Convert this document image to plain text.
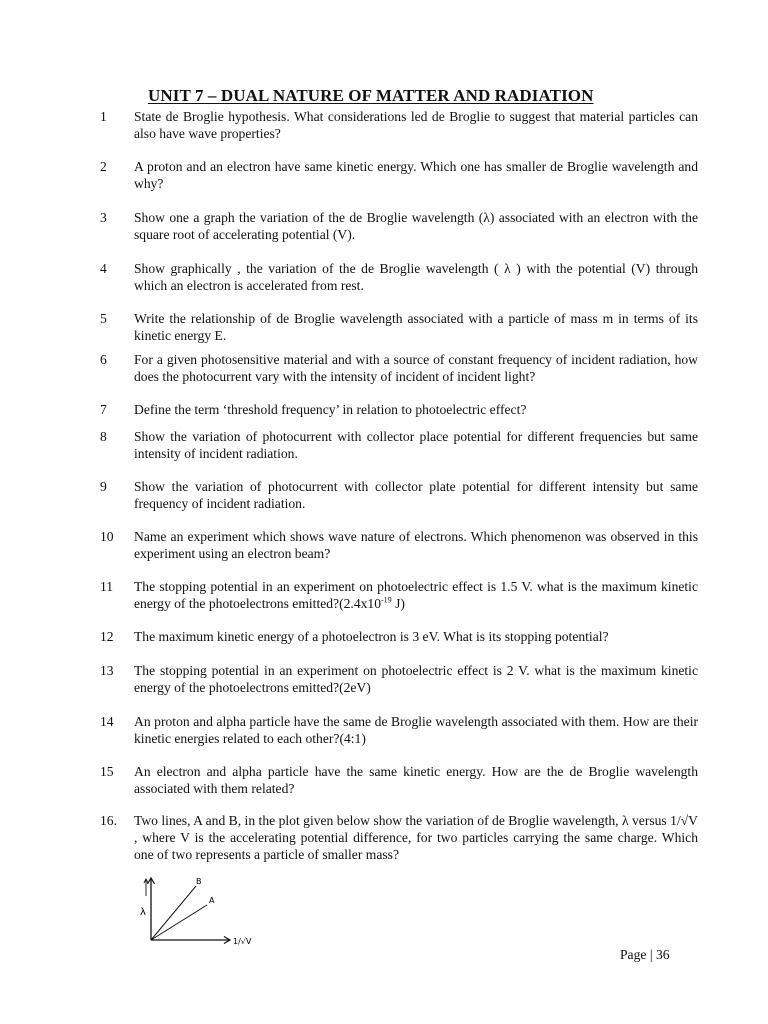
UNIT 7 – DUAL NATURE OF MATTER AND RADIATION
1	State de Broglie hypothesis. What considerations led de Broglie to suggest that material particles can also have wave properties?
2	A proton and an electron have same kinetic energy. Which one has smaller de Broglie wavelength and why?
3	Show one a graph the variation of the de Broglie wavelength (λ) associated with an electron with the square root of accelerating potential (V).
4	Show graphically , the variation of the de Broglie wavelength ( λ ) with the potential (V) through which an electron is accelerated from rest.
5	Write the relationship of de Broglie wavelength associated with a particle of mass m in terms of its kinetic energy E.
6	For a given photosensitive material and with a source of constant frequency of incident radiation, how does the photocurrent vary with the intensity of incident of incident light?
7	Define the term ‘threshold frequency’ in relation to photoelectric effect?
8	Show the variation of photocurrent with collector place potential for different frequencies but same intensity of incident radiation.
9	Show the variation of photocurrent with collector plate potential for different intensity but same frequency of incident radiation.
10	Name an experiment which shows wave nature of electrons. Which phenomenon was observed in this experiment using an electron beam?
11	The stopping potential in an experiment on photoelectric effect is 1.5 V. what is the maximum kinetic energy of the photoelectrons $emitted?(2.4x10^{-19}$ J)
12	The maximum kinetic energy of a photoelectron is 3 eV. What is its stopping potential?
13	The stopping potential in an experiment on photoelectric effect is 2 V. what is the maximum kinetic energy of the photoelectrons emitted?(2eV)
14	An proton and alpha particle have the same de Broglie wavelength associated with them. How are their kinetic energies related to each other?(4:1)
15	An electron and alpha particle have the same kinetic energy. How are the de Broglie wavelength associated with them related?
16.	Two lines, A and B, in the plot given below show the variation of de Broglie wavelength, λ versus 1/√V , where V is the accelerating potential difference, for two particles carrying the same charge. Which one of two represents a particle of smaller mass?
λ
1/√V
A
B
Page | 36
